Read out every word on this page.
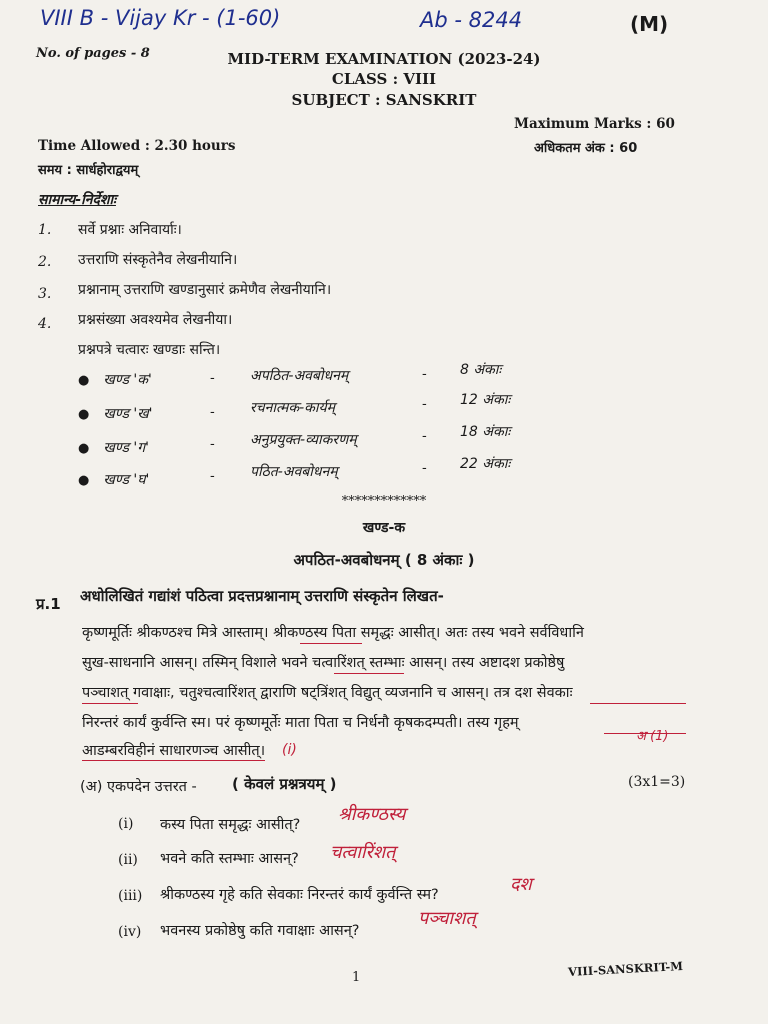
VIII B - Vijay Kr - (1-60)	Ab - 8244	(M)
No. of pages - 8	MID-TERM EXAMINATION (2023-24)
CLASS : VIII
SUBJECT : SANSKRIT
Time Allowed : 2.30 hours
समय : सार्धहोराद्वयम्
Maximum Marks : 60
अधिकतम अंक : 60
सामान्य-निर्देशाः
1. सर्वे प्रश्नाः अनिवार्याः।
2. उत्तराणि संस्कृतेनैव लेखनीयानि।
3. प्रश्नानाम् उत्तराणि खण्डानुसारं क्रमेणैव लेखनीयानि।
4. प्रश्नसंख्या अवश्यमेव लेखनीया।
प्रश्नपत्रे चत्वारः खण्डाः सन्ति।
● खण्ड 'क'	-	अपठित-अवबोधनम्	- 8 अंकाः
● खण्ड 'ख'	-	रचनात्मक-कार्यम्	- 12 अंकाः
● खण्ड 'ग'	-	अनुप्रयुक्त-व्याकरणम्	- 18 अंकाः
● खण्ड 'घ'	-	पठित-अवबोधनम्	- 22 अंकाः
*************
खण्ड-क
अपठित-अवबोधनम् ( 8 अंकाः )
प्र.1 अधोलिखितं गद्यांशं पठित्वा प्रदत्तप्रश्नानाम् उत्तराणि संस्कृतेन लिखत-
कृष्णमूर्तिः श्रीकण्ठश्च मित्रे आस्ताम्। श्रीकण्ठस्य पिता समृद्धः आसीत्। अतः तस्य भवने सर्वविधानि
सुख-साधनानि आसन्। तस्मिन् विशाले भवने चत्वारिंशत् स्तम्भाः आसन्। तस्य अष्टादश प्रकोष्ठेषु
पञ्चाशत् गवाक्षाः, चतुश्चत्वारिंशत् द्वाराणि षट्त्रिंशत् विद्युत् व्यजनानि च आसन्। तत्र दश सेवकाः
निरन्तरं कार्यं कुर्वन्ति स्म। परं कृष्णमूर्तेः माता पिता च निर्धनौ कृषकदम्पती। तस्य गृहम्
आडम्बरविहीनं साधारणञ्च आसीत्। (i)
अ (1)
(अ) एकपदेन उत्तरत - ( केवलं प्रश्नत्रयम् )	(3x1=3)
(i) कस्य पिता समृद्धः आसीत्? श्रीकण्ठस्य
(ii) भवने कति स्तम्भाः आसन्? चत्वारिंशत्
(iii) श्रीकण्ठस्य गृहे कति सेवकाः निरन्तरं कार्यं कुर्वन्ति स्म?	दश
(iv) भवनस्य प्रकोष्ठेषु कति गवाक्षाः आसन्?
पञ्चाशत्
1	VIII-SANSKRIT-M
